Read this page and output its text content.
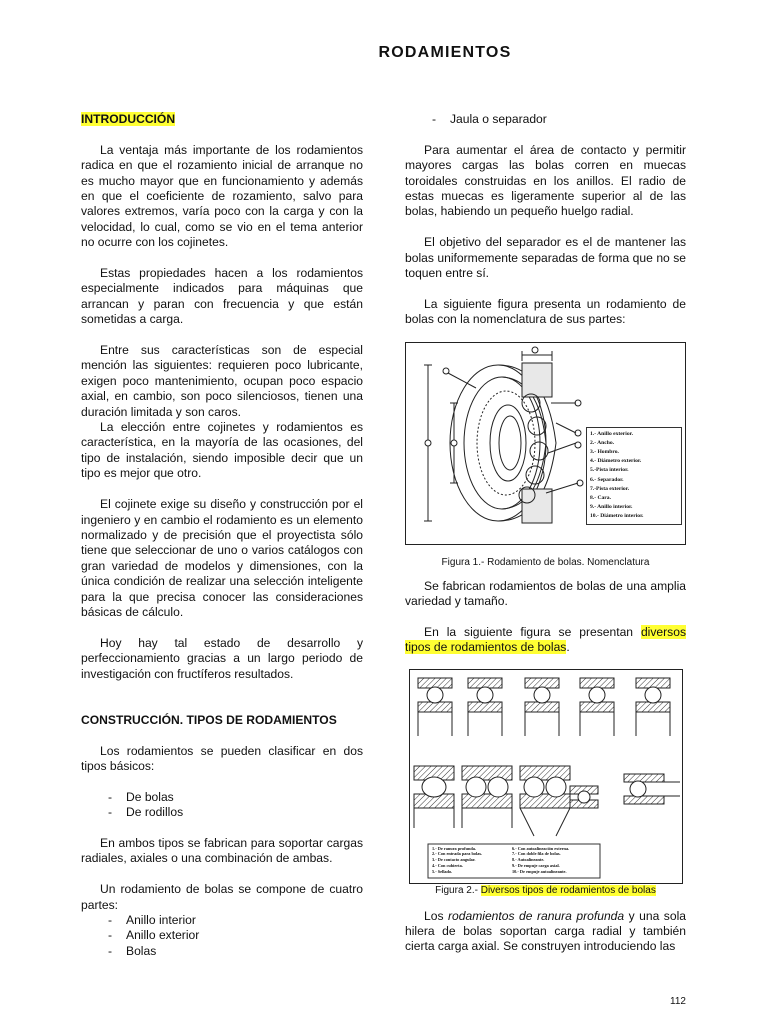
RODAMIENTOS
INTRODUCCIÓN

La ventaja más importante de los rodamientos radica en que el rozamiento inicial de arranque no es mucho mayor que en funcionamiento y además en que el coeficiente de rozamiento, salvo para valores extremos, varía poco con la carga y con la velocidad, lo cual, como se vio en el tema anterior no ocurre con los cojinetes.

Estas propiedades hacen a los rodamientos especialmente indicados para máquinas que arrancan y paran con frecuencia y que están sometidas a carga.

Entre sus características son de especial mención las siguientes: requieren poco lubricante, exigen poco mantenimiento, ocupan poco espacio axial, en cambio, son poco silenciosos, tienen una duración limitada y son caros.

La elección entre cojinetes y rodamientos es característica, en la mayoría de las ocasiones, del tipo de instalación, siendo imposible decir que un tipo es mejor que otro.

El cojinete exige su diseño y construcción por el ingeniero y en cambio el rodamiento es un elemento normalizado y de precisión que el proyectista sólo tiene que seleccionar de uno o varios catálogos con gran variedad de modelos y dimensiones, con la única condición de realizar una selección inteligente para la que precisa conocer las consideraciones básicas de cálculo.

Hoy hay tal estado de desarrollo y perfeccionamiento gracias a un largo periodo de investigación con fructíferos resultados.

CONSTRUCCIÓN. TIPOS DE RODAMIENTOS

Los rodamientos se pueden clasificar en dos tipos básicos:

- De bolas
- De rodillos

En ambos tipos se fabrican para soportar cargas radiales, axiales o una combinación de ambas.

Un rodamiento de bolas se compone de cuatro partes:

- Anillo interior
- Anillo exterior
- Bolas
- Jaula o separador

Para aumentar el área de contacto y permitir mayores cargas las bolas corren en muecas toroidales construidas en los anillos. El radio de estas muecas es ligeramente superior al de las bolas, habiendo un pequeño huelgo radial.

El objetivo del separador es el de mantener las bolas uniformemente separadas de forma que no se toquen entre sí.

La siguiente figura presenta un rodamiento de bolas con la nomenclatura de sus partes:

1.- Anillo exterior.
2.- Ancho.
3.- Hombro.
4.- Diámetro exterior.
5.-Pista interior.
6.- Separador.
7.-Pista exterior.
8.- Cara.
9.- Anillo interior.
10.- Diámetro interior.
Figura 1.- Rodamiento de bolas. Nomenclatura

Se fabrican rodamientos de bolas de una amplia variedad y tamaño.

En la siguiente figura se presentan diversos tipos de rodamientos de bolas.

1.- De ranura profunda.
2.- Con entrada para bolas.
3.- De contacto angular.
4.- Con cubierta.
5.- Sellado.
6.- Con autoalineación externa.
7.- Con doble fila de bolas.
8.- Autoalineante.
9.- De empuje carga axial.
10.- De empuje autoalineante.
Figura 2.- Diversos tipos de rodamientos de bolas

Los rodamientos de ranura profunda y una sola hilera de bolas soportan carga radial y también cierta carga axial. Se construyen introduciendo las

112
